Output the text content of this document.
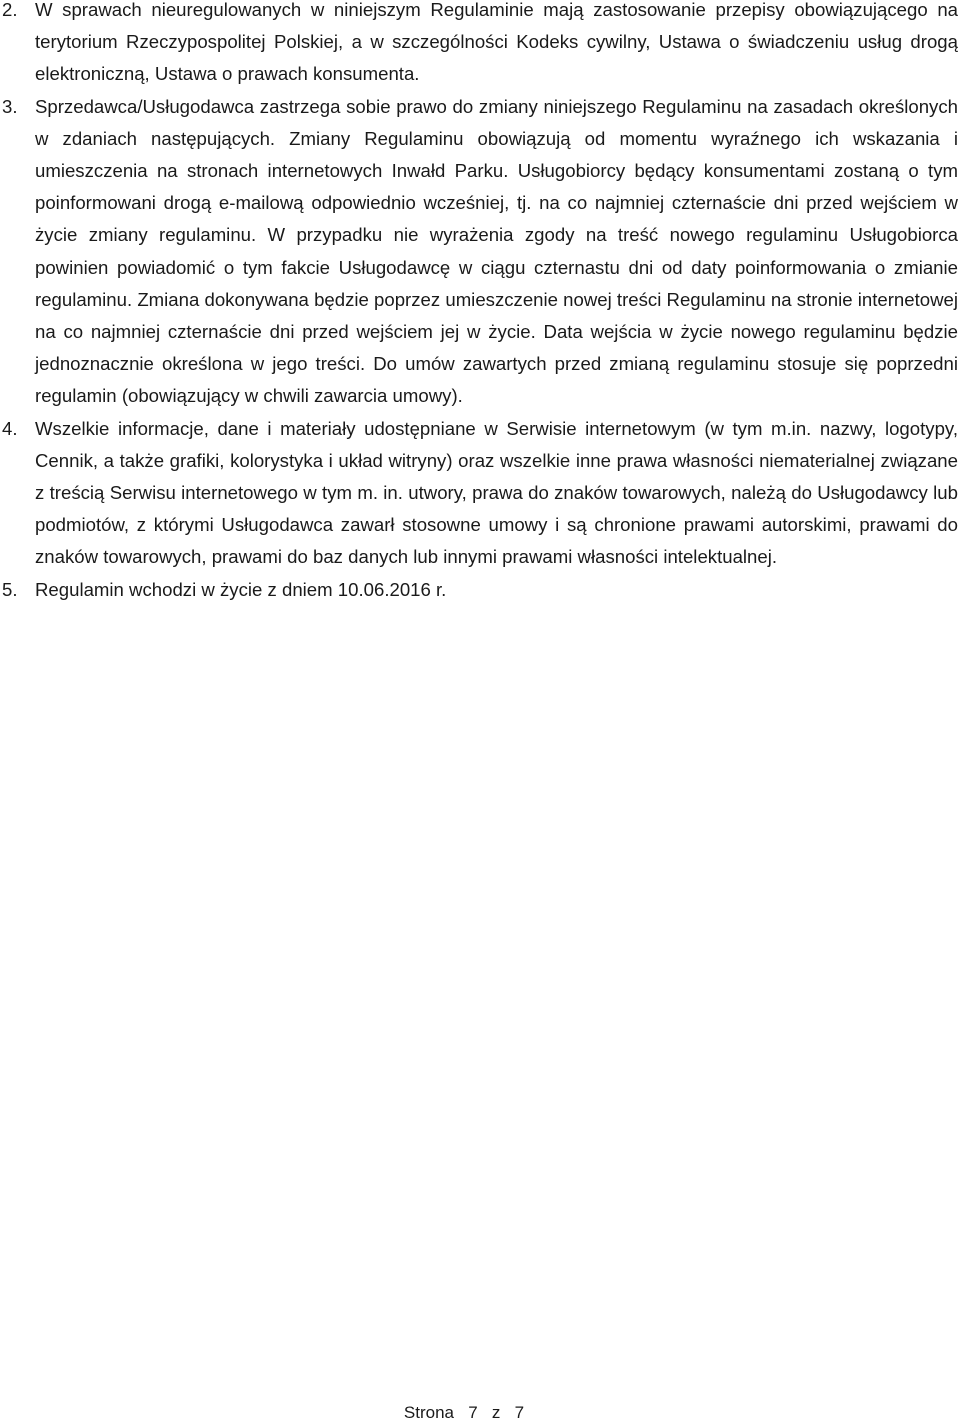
2. W sprawach nieuregulowanych w niniejszym Regulaminie mają zastosowanie przepisy obowiązującego na terytorium Rzeczypospolitej Polskiej, a w szczególności Kodeks cywilny, Ustawa o świadczeniu usług drogą elektroniczną, Ustawa o prawach konsumenta.
3. Sprzedawca/Usługodawca zastrzega sobie prawo do zmiany niniejszego Regulaminu na zasadach określonych w zdaniach następujących. Zmiany Regulaminu obowiązują od momentu wyraźnego ich wskazania i umieszczenia na stronach internetowych Inwałd Parku. Usługobiorcy będący konsumentami zostaną o tym poinformowani drogą e-mailową odpowiednio wcześniej, tj. na co najmniej czternaście dni przed wejściem w życie zmiany regulaminu. W przypadku nie wyrażenia zgody na treść nowego regulaminu Usługobiorca powinien powiadomić o tym fakcie Usługodawcę w ciągu czternastu dni od daty poinformowania o zmianie regulaminu. Zmiana dokonywana będzie poprzez umieszczenie nowej treści Regulaminu na stronie internetowej na co najmniej czternaście dni przed wejściem jej w życie. Data wejścia w życie nowego regulaminu będzie jednoznacznie określona w jego treści. Do umów zawartych przed zmianą regulaminu stosuje się poprzedni regulamin (obowiązujący w chwili zawarcia umowy).
4. Wszelkie informacje, dane i materiały udostępniane w Serwisie internetowym (w tym m.in. nazwy, logotypy, Cennik, a także grafiki, kolorystyka i układ witryny) oraz wszelkie inne prawa własności niematerialnej związane z treścią Serwisu internetowego w tym m. in. utwory, prawa do znaków towarowych, należą do Usługodawcy lub podmiotów, z którymi Usługodawca zawarł stosowne umowy i są chronione prawami autorskimi, prawami do znaków towarowych, prawami do baz danych lub innymi prawami własności intelektualnej.
5. Regulamin wchodzi w życie z dniem 10.06.2016 r.
Strona 7 z 7
